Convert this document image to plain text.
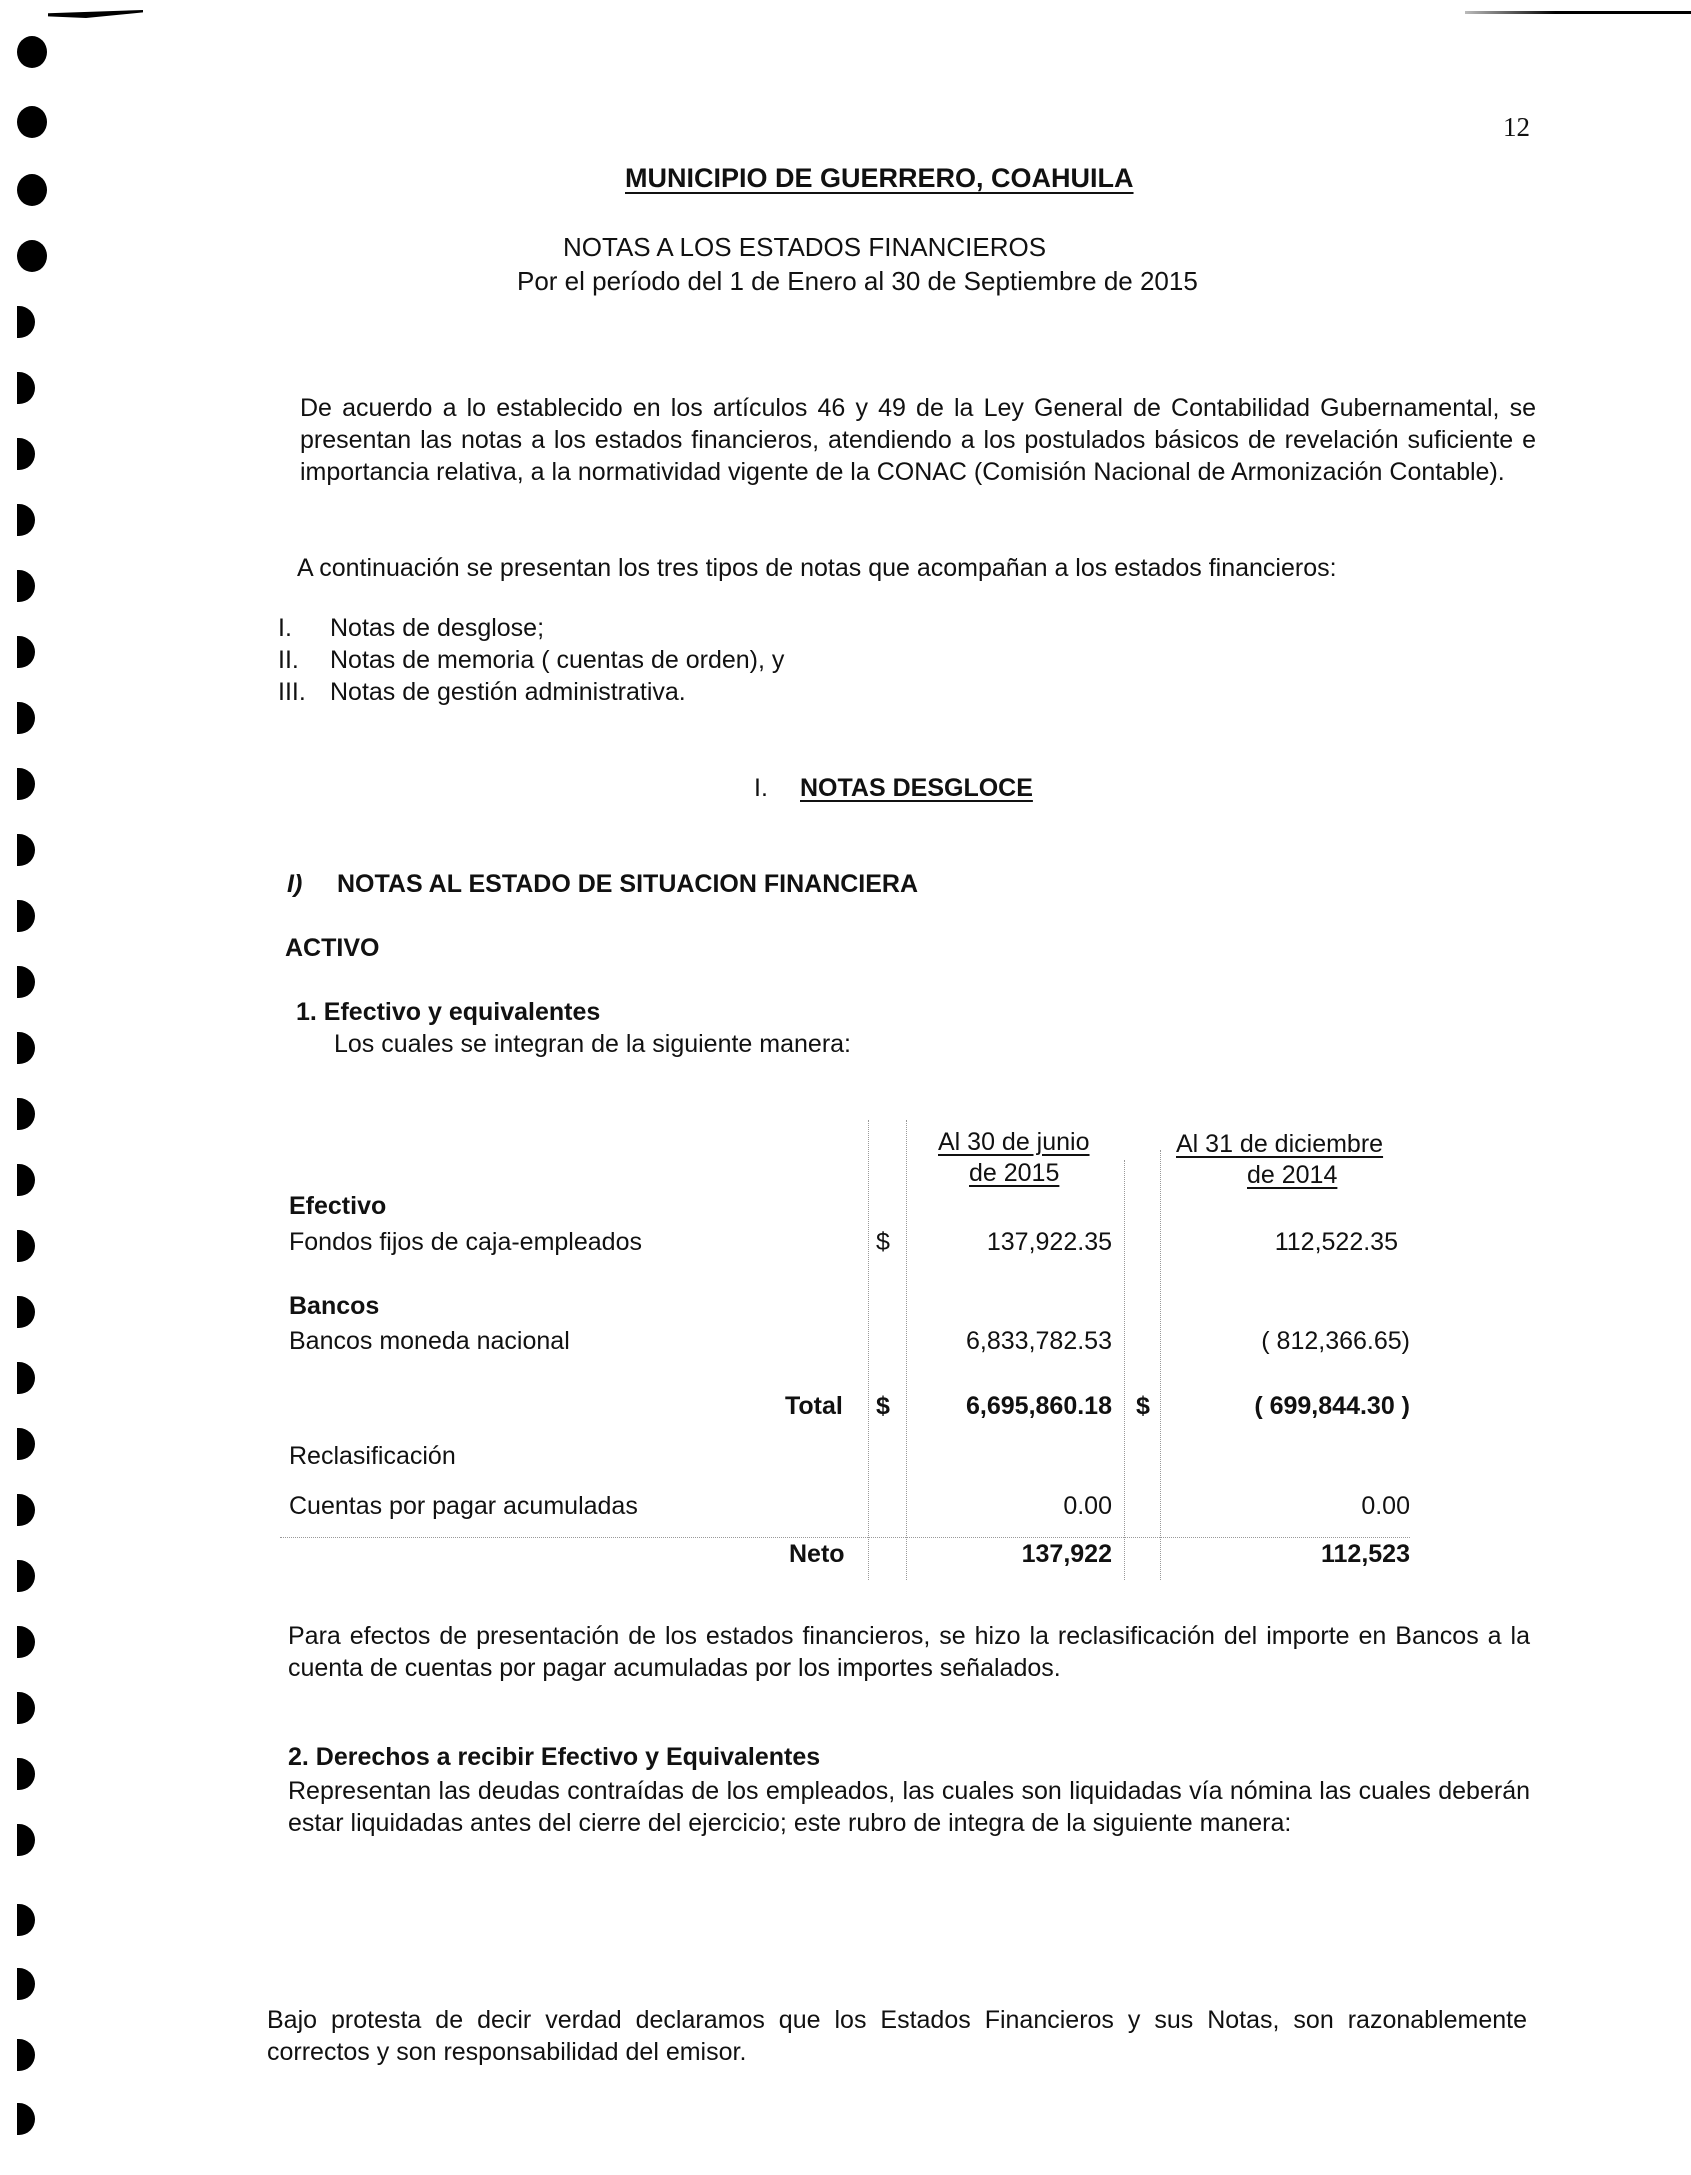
12
MUNICIPIO DE GUERRERO, COAHUILA
NOTAS A LOS ESTADOS FINANCIEROS
Por el período del 1 de Enero al 30 de Septiembre de 2015
De acuerdo a lo establecido en los artículos 46 y 49 de la Ley General de Contabilidad Gubernamental, se presentan las notas a los estados financieros, atendiendo a los postulados básicos de revelación suficiente e importancia relativa, a la normatividad vigente de la CONAC (Comisión Nacional de Armonización Contable).
A continuación se presentan los tres tipos de notas que acompañan a los estados financieros:
I. Notas de desglose;
II. Notas de memoria ( cuentas de orden), y
III. Notas de gestión administrativa.
I. NOTAS DESGLOCE
I) NOTAS AL ESTADO DE SITUACION FINANCIERA
ACTIVO
1. Efectivo y equivalentes
Los cuales se integran de la siguiente manera:
Al 30 de junio
de 2015
Al 31 de diciembre
de 2014
Efectivo
Fondos fijos de caja-empleados	$	137,922.35	112,522.35
Bancos
Bancos moneda nacional	6,833,782.53	( 812,366.65)
Total $	6,695,860.18 $	( 699,844.30 )
Reclasificación
Cuentas por pagar acumuladas	0.00	0.00
Neto	137,922	112,523
Para efectos de presentación de los estados financieros, se hizo la reclasificación del importe en Bancos a la cuenta de cuentas por pagar acumuladas por los importes señalados.
2. Derechos a recibir Efectivo y Equivalentes
Representan las deudas contraídas de los empleados, las cuales son liquidadas vía nómina las cuales deberán estar liquidadas antes del cierre del ejercicio; este rubro de integra de la siguiente manera:
Bajo protesta de decir verdad declaramos que los Estados Financieros y sus Notas, son razonablemente correctos y son responsabilidad del emisor.
